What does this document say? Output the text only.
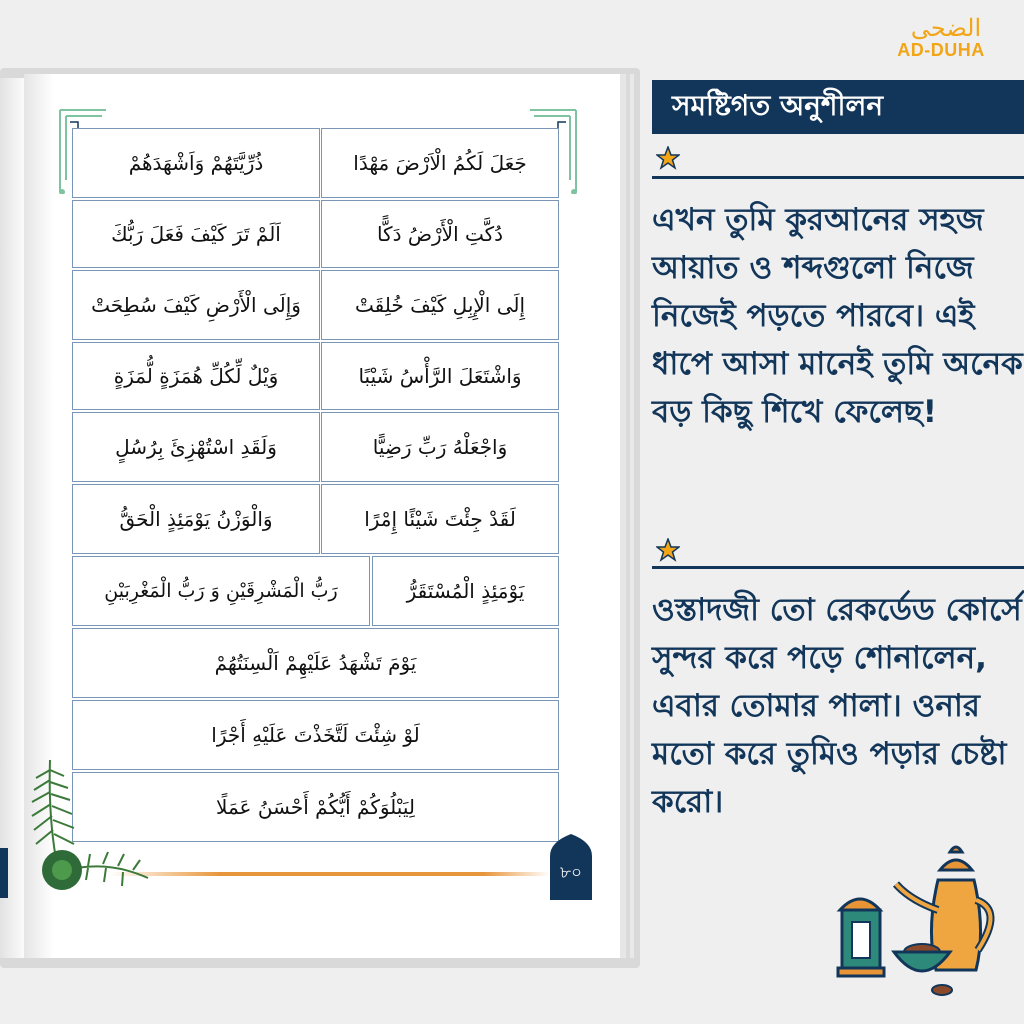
جَعَلَ لَكُمُ الْاَرْضَ مَهْدًا
ذُرِّيَّتَهُمْ وَاَشْهَدَهُمْ
دُكَّتِ الْأَرْضُ دَكًّا
اَلَمْ تَرَ كَيْفَ فَعَلَ رَبُّكَ
إِلَى الْإِبِلِ كَيْفَ خُلِقَتْ
وَإِلَى الْأَرْضِ كَيْفَ سُطِحَتْ
وَاشْتَعَلَ الرَّأْسُ شَيْبًا
وَيْلٌ لِّكُلِّ هُمَزَةٍ لُّمَزَةٍ
وَاجْعَلْهُ رَبِّ رَضِيًّا
وَلَقَدِ اسْتُهْزِئَ بِرُسُلٍ
لَقَدْ جِئْتَ شَيْئًا إِمْرًا
وَالْوَزْنُ يَوْمَئِذٍ الْحَقُّ
يَوْمَئِذٍ الْمُسْتَقَرُّ
رَبُّ الْمَشْرِقَيْنِ وَ رَبُّ الْمَغْرِبَيْنِ
يَوْمَ تَشْهَدُ عَلَيْهِمْ اَلْسِنَتُهُمْ
لَوْ شِئْتَ لَتَّخَذْتَ عَلَيْهِ أَجْرًا
لِيَبْلُوَكُمْ أَيُّكُمْ أَحْسَنُ عَمَلًا
৮০
الضحى
AD-DUHA
সমষ্টিগত অনুশীলন

এখন তুমি কুরআনের সহজ আয়াত ও শব্দগুলো নিজে নিজেই পড়তে পারবে। এই ধাপে আসা মানেই তুমি অনেক বড় কিছু শিখে ফেলেছ!

ওস্তাদজী তো রেকর্ডেড কোর্সে সুন্দর করে পড়ে শোনালেন, এবার তোমার পালা। ওনার মতো করে তুমিও পড়ার চেষ্টা করো।
